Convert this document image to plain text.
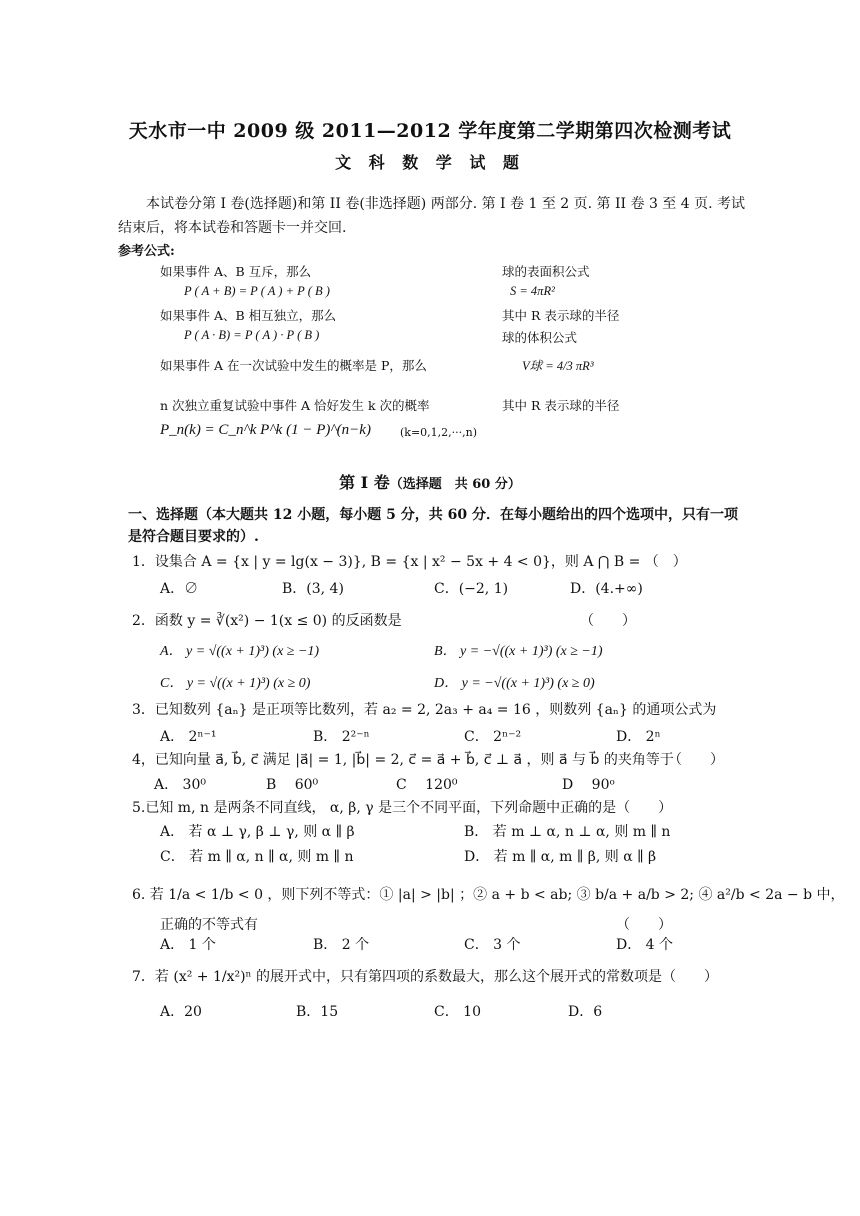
天水市一中 2009 级 2011—2012 学年度第二学期第四次检测考试
文 科 数 学 试 题
本试卷分第 I 卷(选择题)和第 II 卷(非选择题) 两部分. 第 I 卷 1 至 2 页. 第 II 卷 3 至 4 页. 考试结束后，将本试卷和答题卡一并交回.
参考公式:
如果事件 A、B 互斥，那么
P ( A + B) = P ( A ) + P ( B )
如果事件 A、B 相互独立，那么
P ( A · B) = P ( A ) · P ( B )
如果事件 A 在一次试验中发生的概率是 P，那么
n 次独立重复试验中事件 A 恰好发生 k 次的概率
P_n(k) = C_n^k P^k (1 − P)^(n−k)	(k=0,1,2,···,n)
球的表面积公式
S = 4πR²
其中 R 表示球的半径
球的体积公式
V球 = 4/3 πR³
其中 R 表示球的半径
第 Ⅰ 卷（选择题　共 60 分）
一、选择题（本大题共 12 小题，每小题 5 分，共 60 分．在每小题给出的四个选项中，只有一项是符合题目要求的）.
1．设集合 A = {x | y = lg(x − 3)}, B = {x | x² − 5x + 4 < 0}，则 A ⋂ B = （　）
A．∅	B．(3, 4)	C．(−2, 1)	D．(4.+∞)
2．函数 y = ∛(x²) − 1(x ≤ 0) 的反函数是	（　　）
A． y = √((x + 1)³) (x ≥ −1)	B． y = −√((x + 1)³) (x ≥ −1)
C． y = √((x + 1)³) (x ≥ 0)	D． y = −√((x + 1)³) (x ≥ 0)
3．已知数列 {aₙ} 是正项等比数列，若 a₂ = 2, 2a₃ + a₄ = 16 ，则数列 {aₙ} 的通项公式为
A． 2ⁿ⁻¹	B． 2²⁻ⁿ	C． 2ⁿ⁻²	D． 2ⁿ
4，已知向量 a⃗, b⃗, c⃗ 满足 |a⃗| = 1, |b⃗| = 2, c⃗ = a⃗ + b⃗, c⃗ ⊥ a⃗ ，则 a⃗ 与 b⃗ 的夹角等于
（　　）
A． 30⁰	B　 60⁰	C　 120⁰	D　 90ᵒ
5.已知 m, n 是两条不同直线， α, β, γ 是三个不同平面，下列命题中正确的是（　　）
A． 若 α ⊥ γ, β ⊥ γ, 则 α ∥ β	B． 若 m ⊥ α, n ⊥ α, 则 m ∥ n
C． 若 m ∥ α, n ∥ α, 则 m ∥ n	D． 若 m ∥ α, m ∥ β, 则 α ∥ β
6. 若 1/a < 1/b < 0 ，则下列不等式：① |a| > |b| ；② a + b < ab; ③ b/a + a/b > 2; ④ a²/b < 2a − b 中，
正确的不等式有	（　　）
A． 1 个	B． 2 个	C． 3 个	D． 4 个
7．若 (x² + 1/x²)ⁿ 的展开式中，只有第四项的系数最大，那么这个展开式的常数项是（　　）
A．20	B．15	C． 10	D．6
